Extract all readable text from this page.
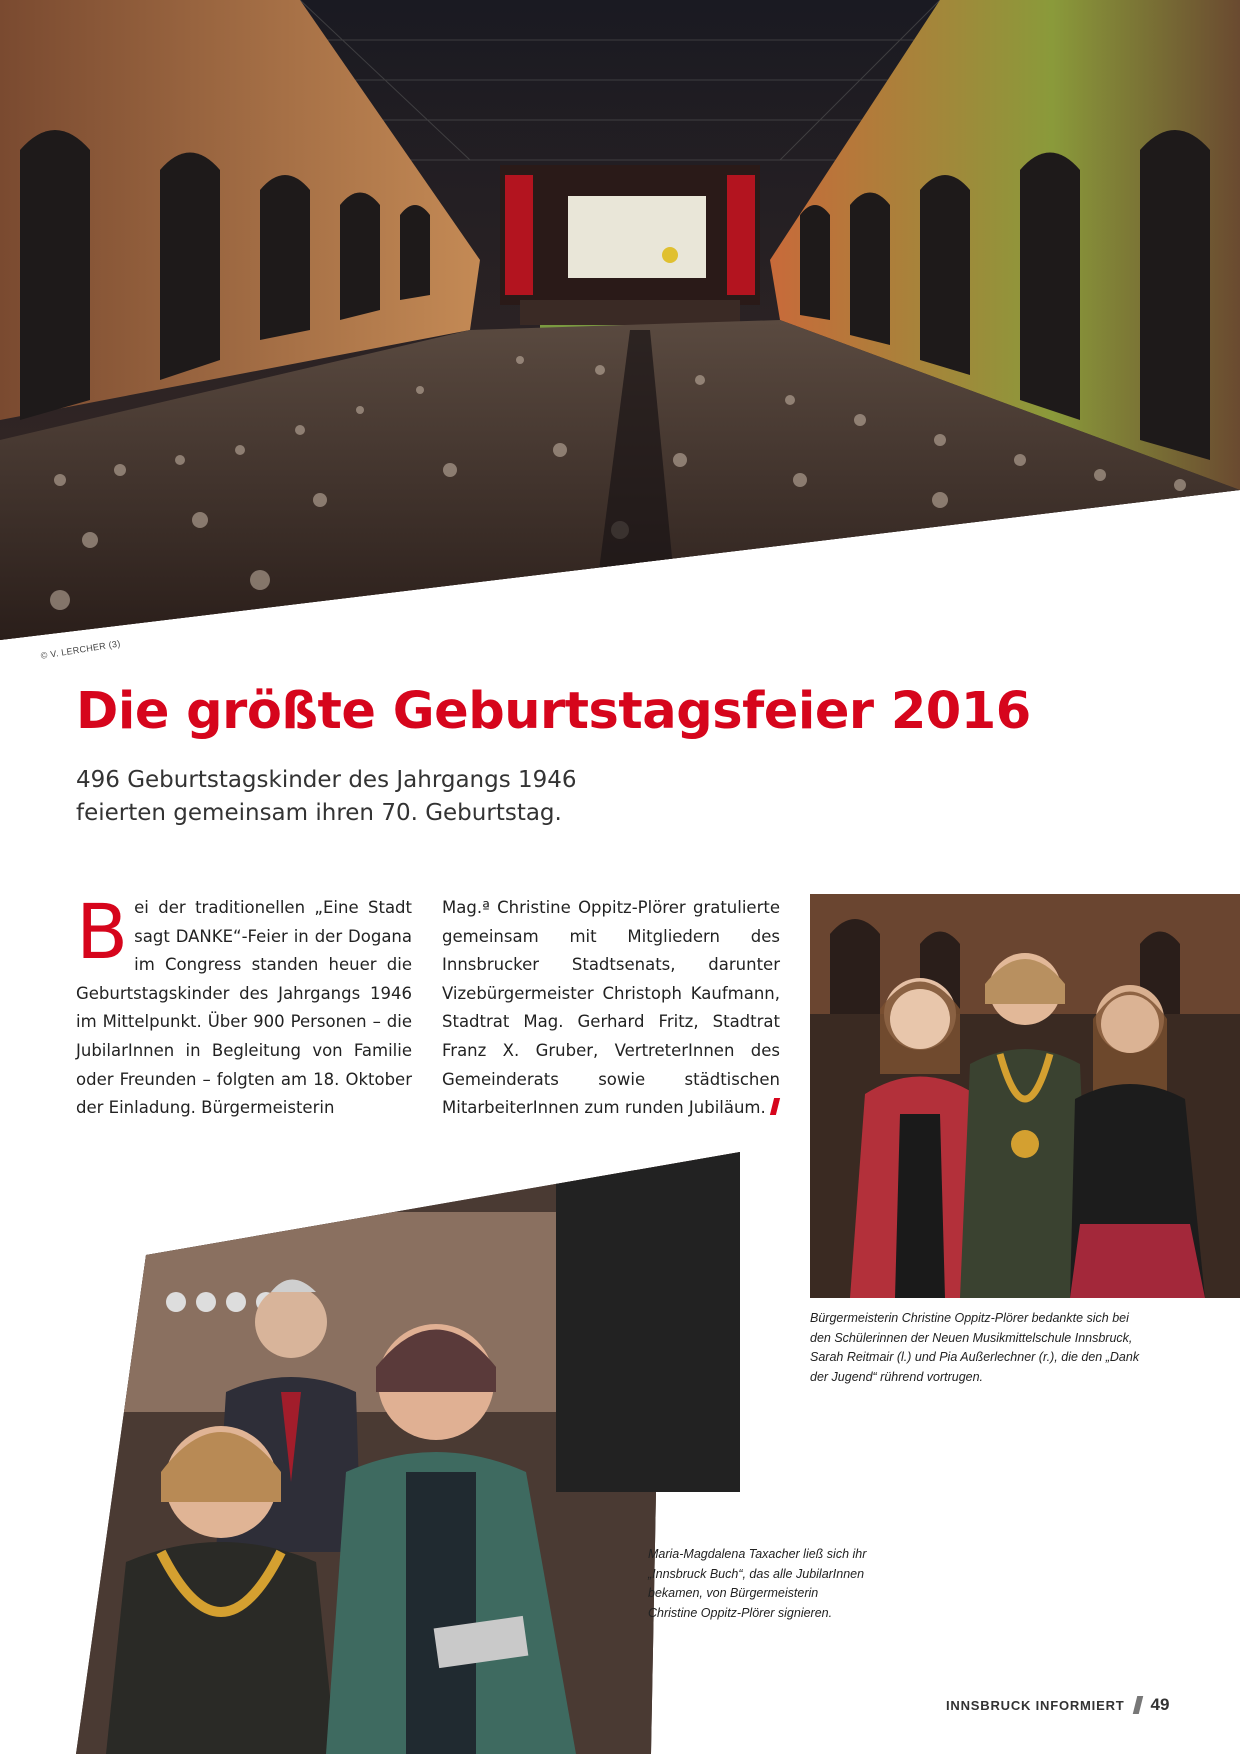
© V. LERCHER (3)
Die größte Geburtstagsfeier 2016

496 Geburtstagskinder des Jahrgangs 1946
feierten gemeinsam ihren 70. Geburtstag.

Bei der traditionellen „Eine Stadt sagt DANKE“-Feier in der Dogana im Congress standen heuer die Geburtstagskinder des Jahrgangs 1946 im Mittelpunkt. Über 900 Personen – die JubilarInnen in Begleitung von Familie oder Freunden – folgten am 18. Oktober der Einladung. Bürgermeisterin

Mag.ª Christine Oppitz-Plörer gratulierte gemeinsam mit Mitgliedern des Innsbrucker Stadtsenats, darunter Vizebürgermeister Christoph Kaufmann, Stadtrat Mag. Gerhard Fritz, Stadtrat Franz X. Gruber, VertreterInnen des Gemeinderats sowie städtischen MitarbeiterInnen zum runden Jubiläum.

Bürgermeisterin Christine Oppitz-Plörer bedankte sich bei
den Schülerinnen der Neuen Musikmittelschule Innsbruck,
Sarah Reitmair (l.) und Pia Außerlechner (r.), die den „Dank
der Jugend“ rührend vortrugen.

Maria-Magdalena Taxacher ließ sich ihr
„Innsbruck Buch“, das alle JubilarInnen
bekamen, von Bürgermeisterin
Christine Oppitz-Plörer signieren.

INNSBRUCK INFORMIERT 49
